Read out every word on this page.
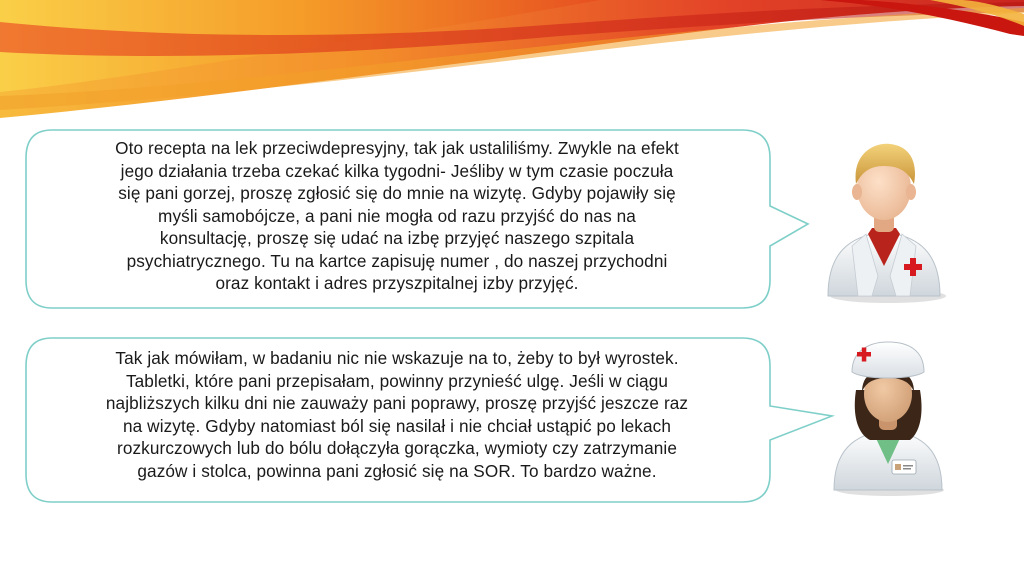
Oto recepta na lek przeciwdepresyjny, tak jak ustaliliśmy. Zwykle na efekt
jego działania trzeba czekać kilka tygodni- Jeśliby w tym czasie poczuła
się pani gorzej, proszę zgłosić się do mnie na wizytę. Gdyby pojawiły się
myśli samobójcze, a pani nie mogła od razu przyjść do nas na
konsultację, proszę się udać na izbę przyjęć naszego szpitala
psychiatrycznego. Tu na kartce zapisuję numer , do naszej przychodni
oraz kontakt i adres przyszpitalnej izby przyjęć.
Tak jak mówiłam, w badaniu nic nie wskazuje na to, żeby to był wyrostek.
Tabletki, które pani przepisałam, powinny przynieść ulgę. Jeśli w ciągu
najbliższych kilku dni nie zauważy pani poprawy, proszę przyjść jeszcze raz
na wizytę. Gdyby natomiast ból się nasilał i nie chciał ustąpić po lekach
rozkurczowych lub do bólu dołączyła gorączka, wymioty czy zatrzymanie
gazów i stolca, powinna pani zgłosić się na SOR. To bardzo ważne.
